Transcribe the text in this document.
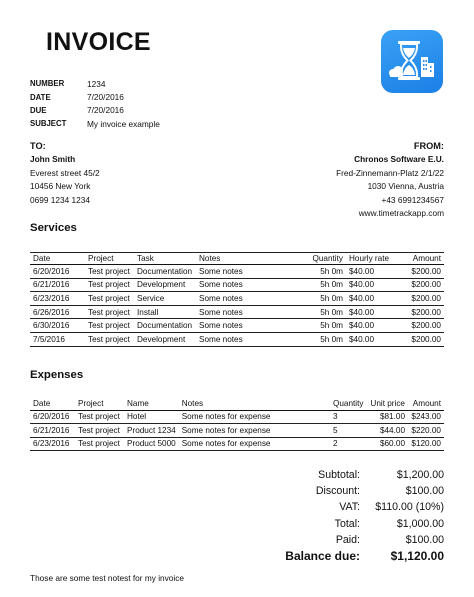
INVOICE
NUMBER	1234
DATE	7/20/2016
DUE	7/20/2016
SUBJECT	My invoice example
TO:
John Smith
Everest street 45/2
10456 New York
0699 1234 1234
FROM:
Chronos Software E.U.
Fred-Zinnemann-Platz 2/1/22
1030 Vienna, Austria
+43 6991234567
www.timetrackapp.com
Services
Date	Project	Task	Notes	Quantity	Hourly rate	Amount
6/20/2016	Test project	Documentation	Some notes	5h 0m	$40.00	$200.00
6/21/2016	Test project	Development	Some notes	5h 0m	$40.00	$200.00
6/23/2016	Test project	Service	Some notes	5h 0m	$40.00	$200.00
6/26/2016	Test project	Install	Some notes	5h 0m	$40.00	$200.00
6/30/2016	Test project	Documentation	Some notes	5h 0m	$40.00	$200.00
7/5/2016	Test project	Development	Some notes	5h 0m	$40.00	$200.00
Expenses
Date	Project	Name	Notes	Quantity	Unit price	Amount
6/20/2016	Test project	Hotel	Some notes for expense	3	$81.00	$243.00
6/21/2016	Test project	Product 1234	Some notes for expense	5	$44.00	$220.00
6/23/2016	Test project	Product 5000	Some notes for expense	2	$60.00	$120.00
Subtotal:	$1,200.00
Discount:	$100.00
VAT: $110.00 (10%)
Total:	$1,000.00
Paid:	$100.00
Balance due:	$1,120.00
Those are some test notest for my invoice
